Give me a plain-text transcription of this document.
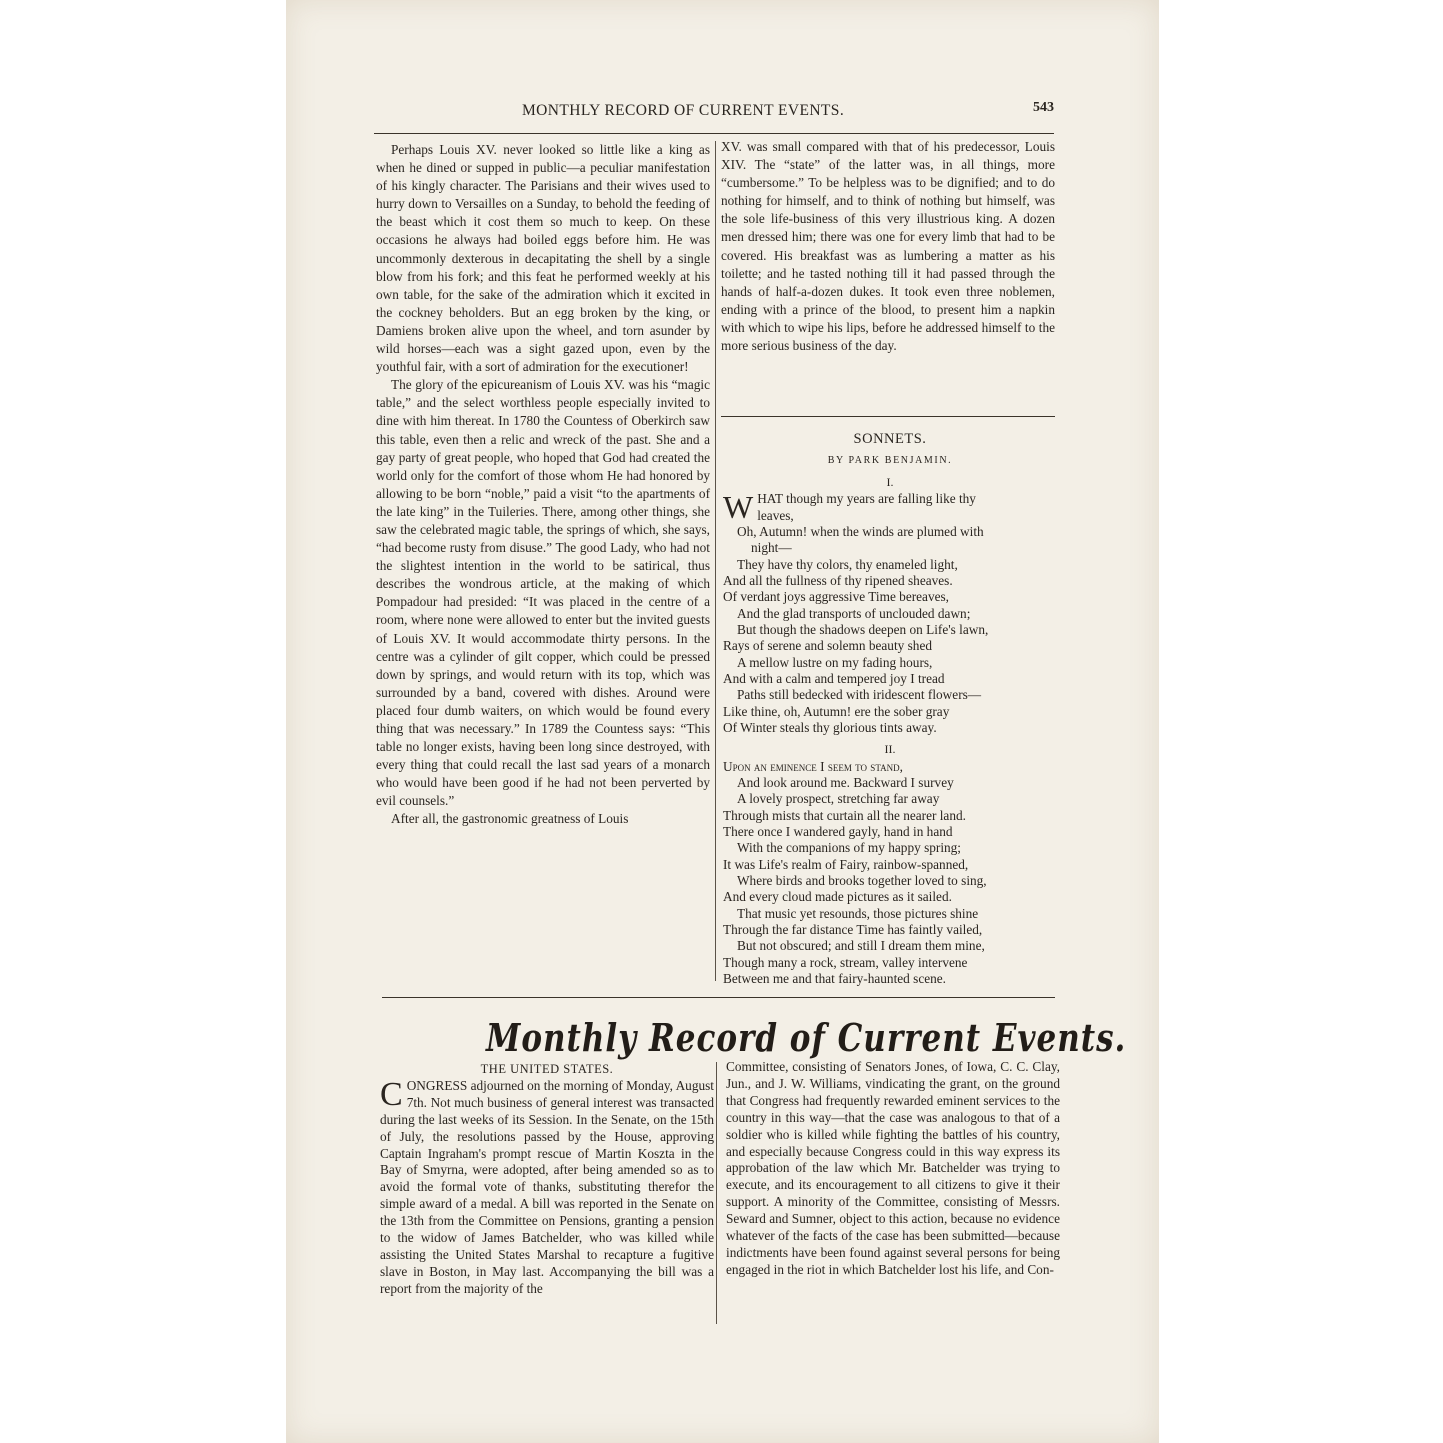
MONTHLY RECORD OF CURRENT EVENTS.	543

Perhaps Louis XV. never looked so little like a king as when he dined or supped in public—a peculiar manifestation of his kingly character. The Parisians and their wives used to hurry down to Versailles on a Sunday, to behold the feeding of the beast which it cost them so much to keep. On these occasions he always had boiled eggs before him. He was uncommonly dexterous in decapitating the shell by a single blow from his fork; and this feat he performed weekly at his own table, for the sake of the admiration which it excited in the cockney beholders. But an egg broken by the king, or Damiens broken alive upon the wheel, and torn asunder by wild horses—each was a sight gazed upon, even by the youthful fair, with a sort of admiration for the executioner!

The glory of the epicureanism of Louis XV. was his “magic table,” and the select worthless people especially invited to dine with him thereat. In 1780 the Countess of Oberkirch saw this table, even then a relic and wreck of the past. She and a gay party of great people, who hoped that God had created the world only for the comfort of those whom He had honored by allowing to be born “noble,” paid a visit “to the apartments of the late king” in the Tuileries. There, among other things, she saw the celebrated magic table, the springs of which, she says, “had become rusty from disuse.” The good Lady, who had not the slightest intention in the world to be satirical, thus describes the wondrous article, at the making of which Pompadour had presided: “It was placed in the centre of a room, where none were allowed to enter but the invited guests of Louis XV. It would accommodate thirty persons. In the centre was a cylinder of gilt copper, which could be pressed down by springs, and would return with its top, which was surrounded by a band, covered with dishes. Around were placed four dumb waiters, on which would be found every thing that was necessary.” In 1789 the Countess says: “This table no longer exists, having been long since destroyed, with every thing that could recall the last sad years of a monarch who would have been good if he had not been perverted by evil counsels.”

After all, the gastronomic greatness of Louis

XV. was small compared with that of his predecessor, Louis XIV. The “state” of the latter was, in all things, more “cumbersome.” To be helpless was to be dignified; and to do nothing for himself, and to think of nothing but himself, was the sole life-business of this very illustrious king. A dozen men dressed him; there was one for every limb that had to be covered. His breakfast was as lumbering a matter as his toilette; and he tasted nothing till it had passed through the hands of half-a-dozen dukes. It took even three noblemen, ending with a prince of the blood, to present him a napkin with which to wipe his lips, before he addressed himself to the more serious business of the day.

SONNETS.
BY PARK BENJAMIN.
I.
W HAT though my years are falling like thy
leaves,
Oh, Autumn! when the winds are plumed with
night—
They have thy colors, thy enameled light,
And all the fullness of thy ripened sheaves.
Of verdant joys aggressive Time bereaves,
And the glad transports of unclouded dawn;
But though the shadows deepen on Life's lawn,
Rays of serene and solemn beauty shed
A mellow lustre on my fading hours,
And with a calm and tempered joy I tread
Paths still bedecked with iridescent flowers—
Like thine, oh, Autumn! ere the sober gray
Of Winter steals thy glorious tints away.
II.
Upon an eminence I seem to stand,
And look around me. Backward I survey
A lovely prospect, stretching far away
Through mists that curtain all the nearer land.
There once I wandered gayly, hand in hand
With the companions of my happy spring;
It was Life's realm of Fairy, rainbow-spanned,
Where birds and brooks together loved to sing,
And every cloud made pictures as it sailed.
That music yet resounds, those pictures shine
Through the far distance Time has faintly vailed,
But not obscured; and still I dream them mine,
Though many a rock, stream, valley intervene
Between me and that fairy-haunted scene.
Monthly Record of Current Events.
THE UNITED STATES.

C ONGRESS adjourned on the morning of Monday, August 7th. Not much business of general interest was transacted during the last weeks of its Session. In the Senate, on the 15th of July, the resolutions passed by the House, approving Captain Ingraham's prompt rescue of Martin Koszta in the Bay of Smyrna, were adopted, after being amended so as to avoid the formal vote of thanks, substituting therefor the simple award of a medal. A bill was reported in the Senate on the 13th from the Committee on Pensions, granting a pension to the widow of James Batchelder, who was killed while assisting the United States Marshal to recapture a fugitive slave in Boston, in May last. Accompanying the bill was a report from the majority of the

Committee, consisting of Senators Jones, of Iowa, C. C. Clay, Jun., and J. W. Williams, vindicating the grant, on the ground that Congress had frequently rewarded eminent services to the country in this way—that the case was analogous to that of a soldier who is killed while fighting the battles of his country, and especially because Congress could in this way express its approbation of the law which Mr. Batchelder was trying to execute, and its encouragement to all citizens to give it their support. A minority of the Committee, consisting of Messrs. Seward and Sumner, object to this action, because no evidence whatever of the facts of the case has been submitted—because indictments have been found against several persons for being engaged in the riot in which Batchelder lost his life, and Con-
